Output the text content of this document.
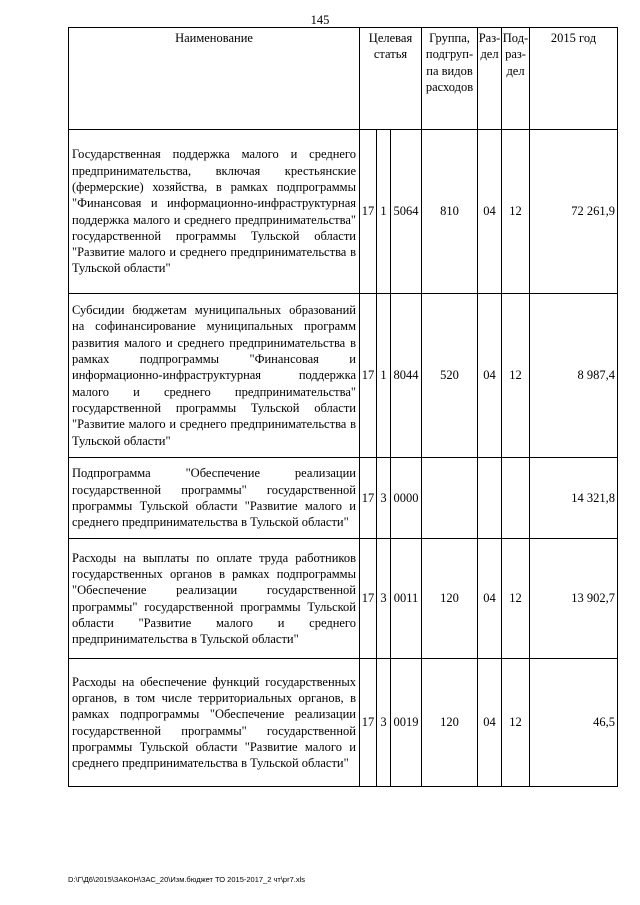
145
Наименование	Целевая статья			Группа, подгруп-па видов расходов	Раз-дел	Под-раз-дел	2015 год
Государственная поддержка малого и среднего предпринимательства, включая крестьянские (фермерские) хозяйства, в рамках подпрограммы "Финансовая и информационно-инфраструктурная поддержка малого и среднего предпринимательства" государственной программы Тульской области "Развитие малого и среднего предпринимательства в Тульской области"	17	1	5064	810	04	12	72 261,9
Субсидии бюджетам муниципальных образований на софинансирование муниципальных программ развития малого и среднего предпринимательства в рамках подпрограммы "Финансовая и информационно-инфраструктурная поддержка малого и среднего предпринимательства" государственной программы Тульской области "Развитие малого и среднего предпринимательства в Тульской области"	17	1	8044	520	04	12	8 987,4
Подпрограмма "Обеспечение реализации государственной программы" государственной программы Тульской области "Развитие малого и среднего предпринимательства в Тульской области"	17	3	0000				14 321,8
Расходы на выплаты по оплате труда работников государственных органов в рамках подпрограммы "Обеспечение реализации государственной программы" государственной программы Тульской области "Развитие малого и среднего предпринимательства в Тульской области"	17	3	0011	120	04	12	13 902,7
Расходы на обеспечение функций государственных органов, в том числе территориальных органов, в рамках подпрограммы "Обеспечение реализации государственной программы" государственной программы Тульской области "Развитие малого и среднего предпринимательства в Тульской области"	17	3	0019	120	04	12	46,5
D:\Г\Д6\2015\ЗАКОН\ЗАС_20\Изм.бюджет ТО 2015-2017_2 чт\pr7.xls
